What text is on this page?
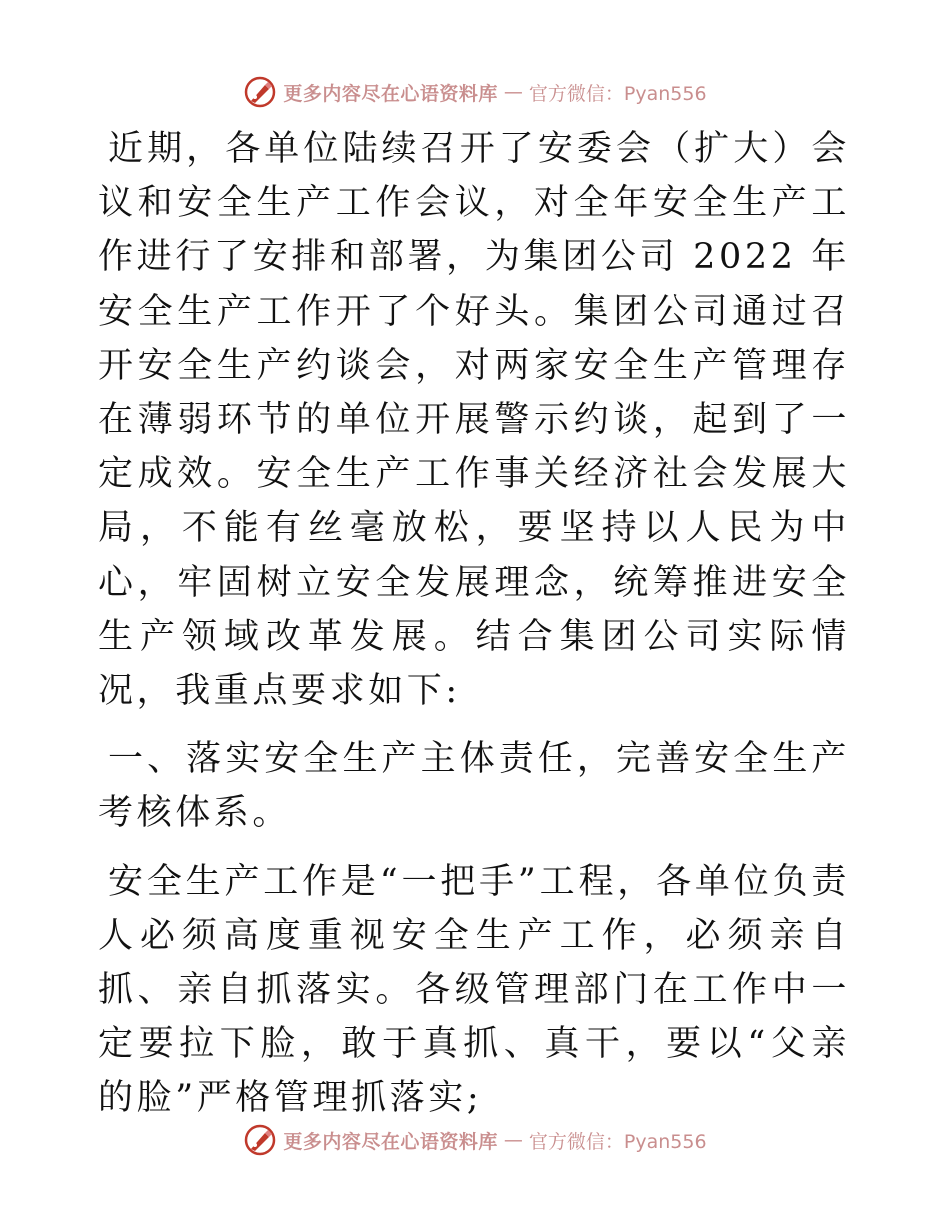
更多内容尽在心语资料库 — 官方微信：Pyan556

近期，各单位陆续召开了安委会（扩大）会议和安全生产工作会议，对全年安全生产工作进行了安排和部署，为集团公司 2022 年安全生产工作开了个好头。集团公司通过召开安全生产约谈会，对两家安全生产管理存在薄弱环节的单位开展警示约谈，起到了一定成效。安全生产工作事关经济社会发展大局，不能有丝毫放松，要坚持以人民为中心，牢固树立安全发展理念，统筹推进安全生产领域改革发展。结合集团公司实际情况，我重点要求如下:

一、落实安全生产主体责任，完善安全生产考核体系。

安全生产工作是“一把手”工程，各单位负责人必须高度重视安全生产工作，必须亲自抓、亲自抓落实。各级管理部门在工作中一定要拉下脸，敢于真抓、真干，要以“父亲的脸”严格管理抓落实;

更多内容尽在心语资料库 — 官方微信：Pyan556
